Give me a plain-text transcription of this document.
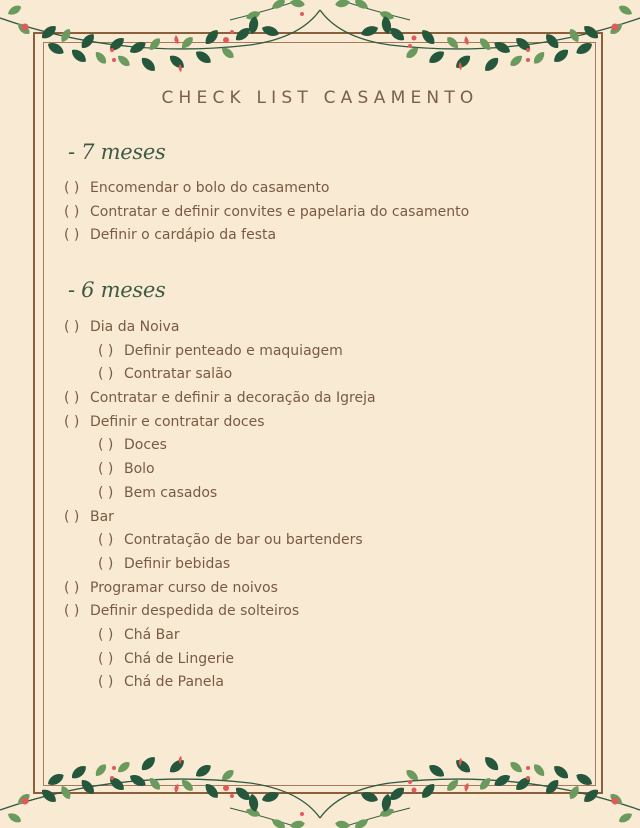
CHECK LIST CASAMENTO
- 7 meses
( ) Encomendar o bolo do casamento
( ) Contratar e definir convites e papelaria do casamento
( ) Definir o cardápio da festa
- 6 meses
( ) Dia da Noiva
( ) Definir penteado e maquiagem
( ) Contratar salão
( ) Contratar e definir a decoração da Igreja
( ) Definir e contratar doces
( ) Doces
( ) Bolo
( ) Bem casados
( ) Bar
( ) Contratação de bar ou bartenders
( ) Definir bebidas
( ) Programar curso de noivos
( ) Definir despedida de solteiros
( ) Chá Bar
( ) Chá de Lingerie
( ) Chá de Panela
